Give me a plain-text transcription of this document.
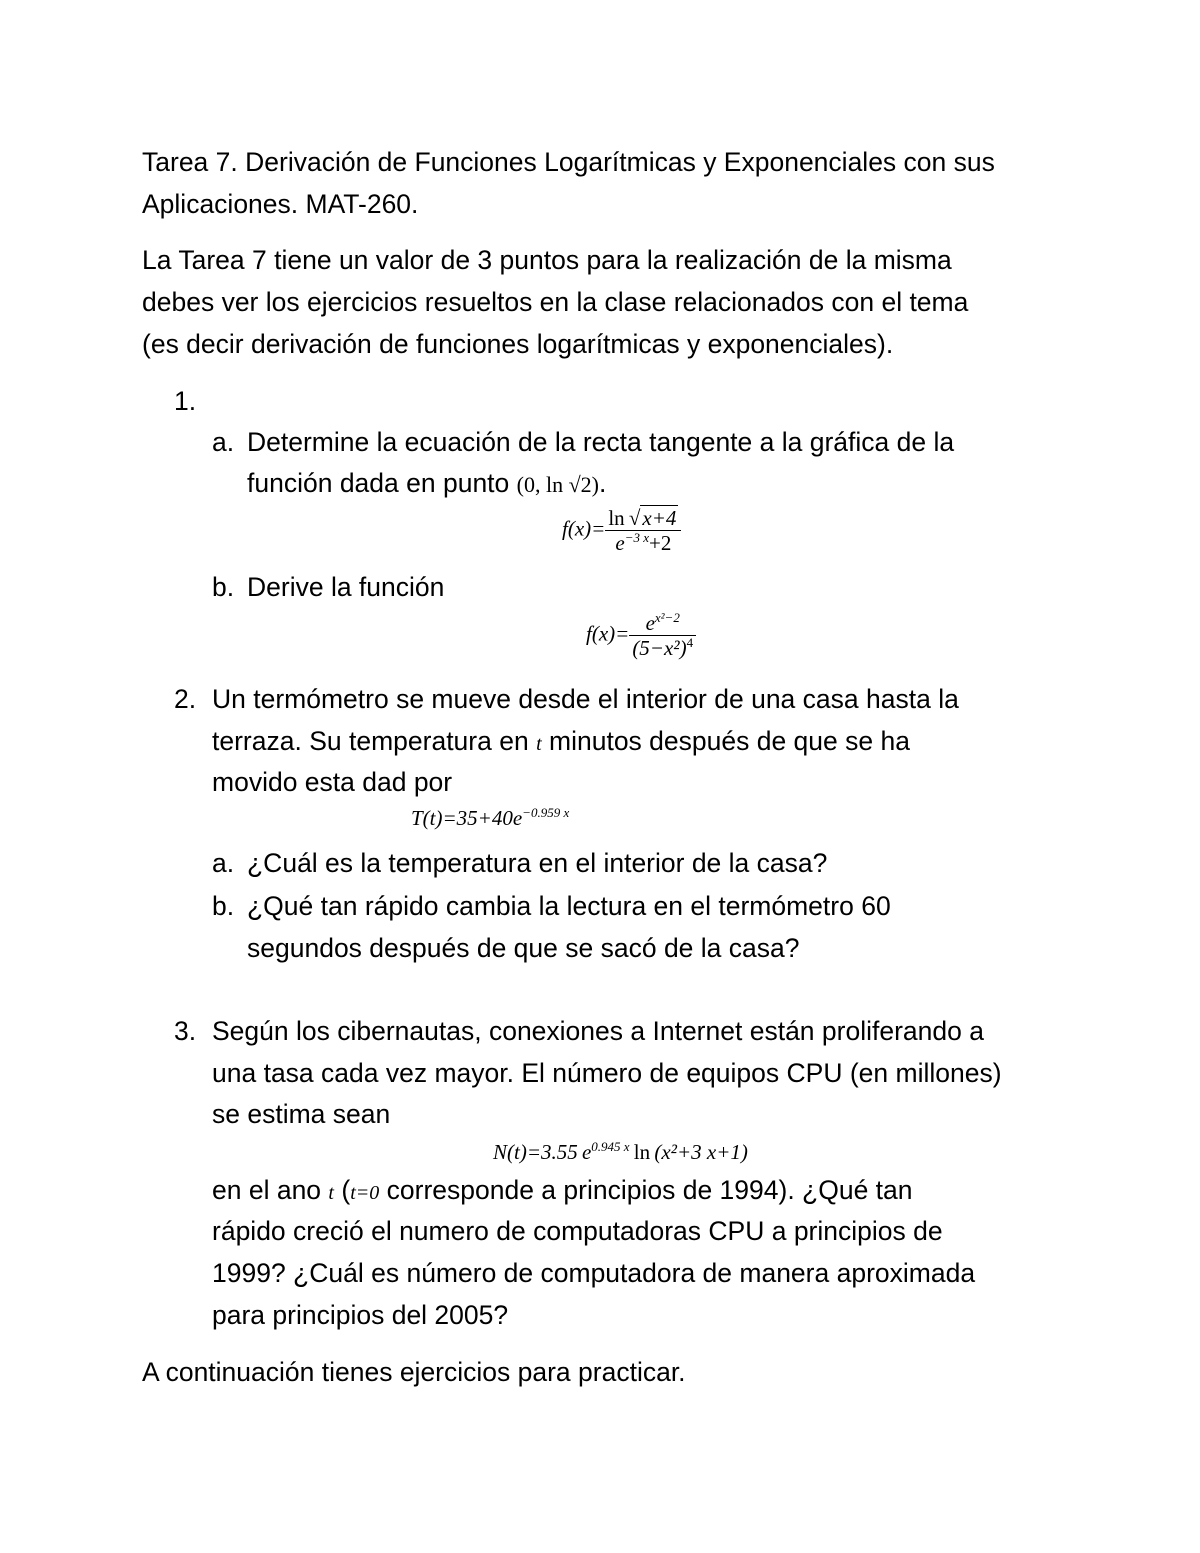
Tarea 7. Derivación de Funciones Logarítmicas y Exponenciales con sus
Aplicaciones. MAT-260.
La Tarea 7 tiene un valor de 3 puntos para la realización de la misma
debes ver los ejercicios resueltos en la clase relacionados con el tema
(es decir derivación de funciones logarítmicas y exponenciales).
1.
a. Determine la ecuación de la recta tangente a la gráfica de la
función dada en punto (0, ln √2).
$f(x)= \frac{\ln √x+4}{e^{-3 x}+2}$
b. Derive la función
$f(x)= \frac{e^{x^2-2}}{(5-x^2)^4}$
2. Un termómetro se mueve desde el interior de una casa hasta la
terraza. Su temperatura en t minutos después de que se ha
movido esta dad por
$T(t)=35+40e^{-0.959 x}$
a. ¿Cuál es la temperatura en el interior de la casa?
b. ¿Qué tan rápido cambia la lectura en el termómetro 60
segundos después de que se sacó de la casa?
3. Según los cibernautas, conexiones a Internet están proliferando a
una tasa cada vez mayor. El número de equipos CPU (en millones)
se estima sean
N(t)=3.55  $e^{0.945 x}$  ln  (x²+3 x+1)
en el ano t (t=0 corresponde a principios de 1994). ¿Qué tan
rápido creció el numero de computadoras CPU a principios de
1999? ¿Cuál es número de computadora de manera aproximada
para principios del 2005?
A continuación tienes ejercicios para practicar.
